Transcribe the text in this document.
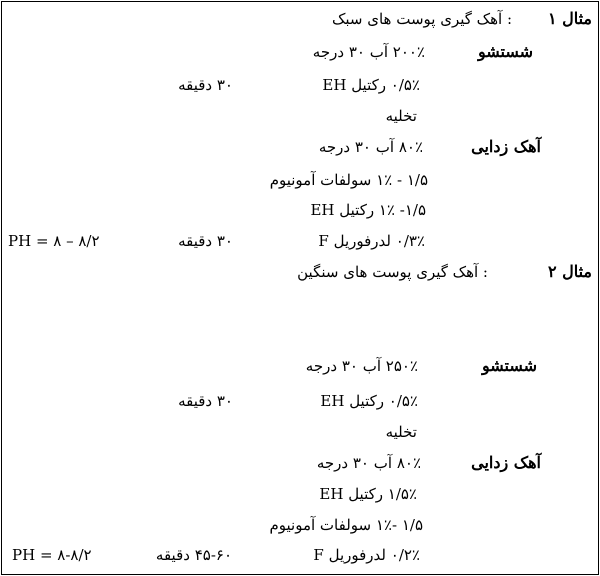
مثال ۱
: آهک گیری پوست های سبک
شستشو
۲۰۰٪ آب ۳۰ درجه
۰/۵٪ رکتیل EH
۳۰ دقیقه
تخلیه
آهک زدایی
۸۰٪ آب ۳۰ درجه
۱/۵ - ۱٪ سولفات آمونیوم
۱/۵- ۱٪ رکتیل EH
۰/۳٪ لدرفوریل F
۳۰ دقیقه
PH = ۸ – ۸/۲
مثال ۲
: آهک گیری پوست های سنگین
شستشو
۲۵۰٪ آب ۳۰ درجه
۰/۵٪ رکتیل EH
۳۰ دقیقه
تخلیه
آهک زدایی
۸۰٪ آب ۳۰ درجه
۱/۵٪ رکتیل EH
۱/۵ -۱٪ سولفات آمونیوم
۰/۲٪ لدرفوریل F
۴۵-۶۰ دقیقه
PH = ۸-۸/۲
